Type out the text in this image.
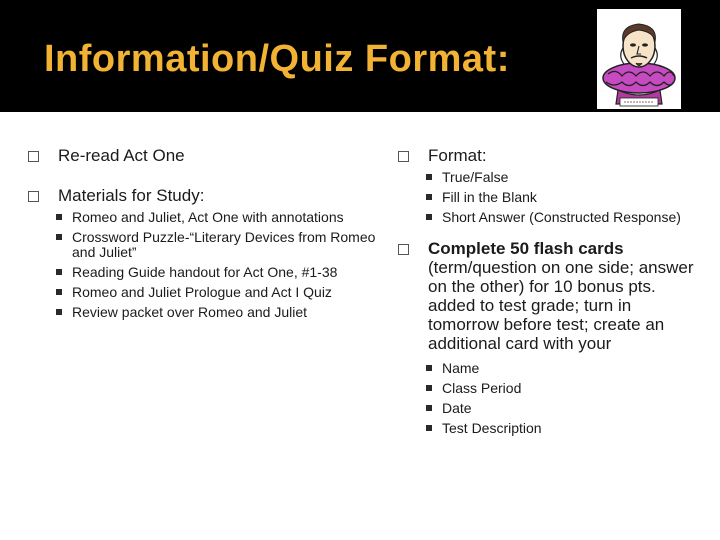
Information/Quiz Format:
Re-read Act One
Materials for Study:
Romeo and Juliet, Act One with annotations
Crossword Puzzle-“Literary Devices from Romeo and Juliet”
Reading Guide handout for Act One, #1-38
Romeo and Juliet Prologue and Act I Quiz
Review packet over Romeo and Juliet
Format:
True/False
Fill in the Blank
Short Answer (Constructed Response)
Complete 50 flash cards (term/question on one side; answer on the other) for 10 bonus pts. added to test grade; turn in tomorrow before test; create an additional card with your
Name
Class Period
Date
Test Description
